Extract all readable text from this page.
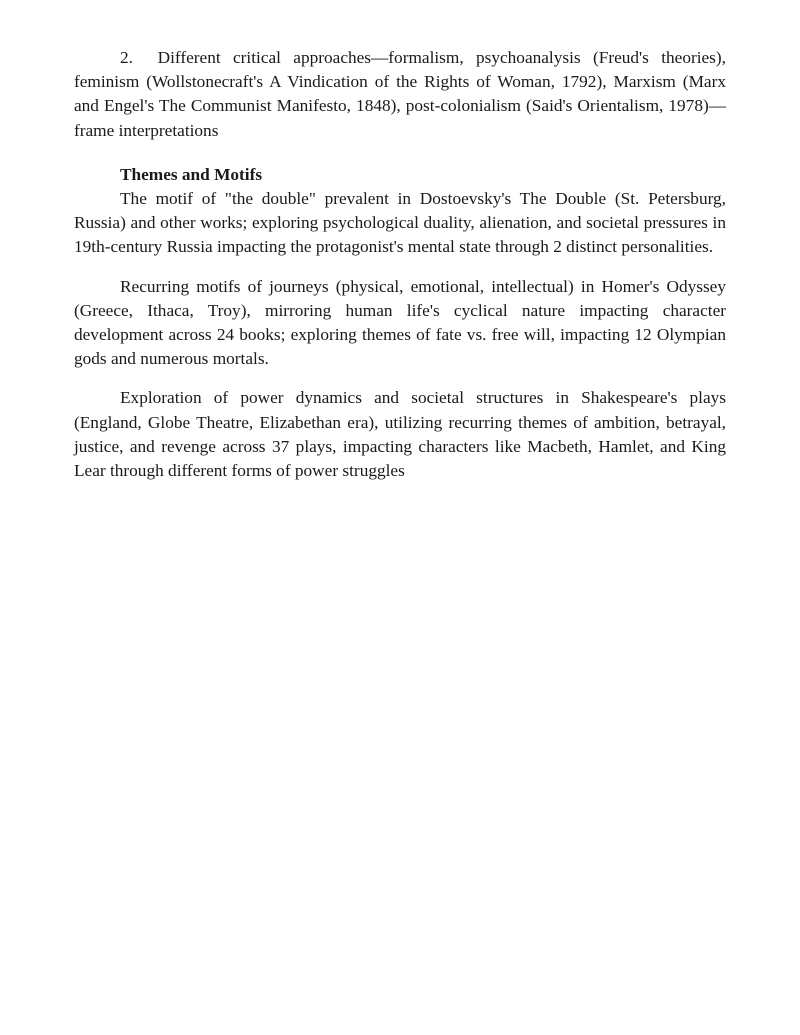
2. Different critical approaches—formalism, psychoanalysis (Freud's theories), feminism (Wollstonecraft's A Vindication of the Rights of Woman, 1792), Marxism (Marx and Engel's The Communist Manifesto, 1848), post-colonialism (Said's Orientalism, 1978)—frame interpretations

Themes and Motifs

The motif of "the double" prevalent in Dostoevsky's The Double (St. Petersburg, Russia) and other works; exploring psychological duality, alienation, and societal pressures in 19th-century Russia impacting the protagonist's mental state through 2 distinct personalities.

Recurring motifs of journeys (physical, emotional, intellectual) in Homer's Odyssey (Greece, Ithaca, Troy), mirroring human life's cyclical nature impacting character development across 24 books; exploring themes of fate vs. free will, impacting 12 Olympian gods and numerous mortals.

Exploration of power dynamics and societal structures in Shakespeare's plays (England, Globe Theatre, Elizabethan era), utilizing recurring themes of ambition, betrayal, justice, and revenge across 37 plays, impacting characters like Macbeth, Hamlet, and King Lear through different forms of power struggles
